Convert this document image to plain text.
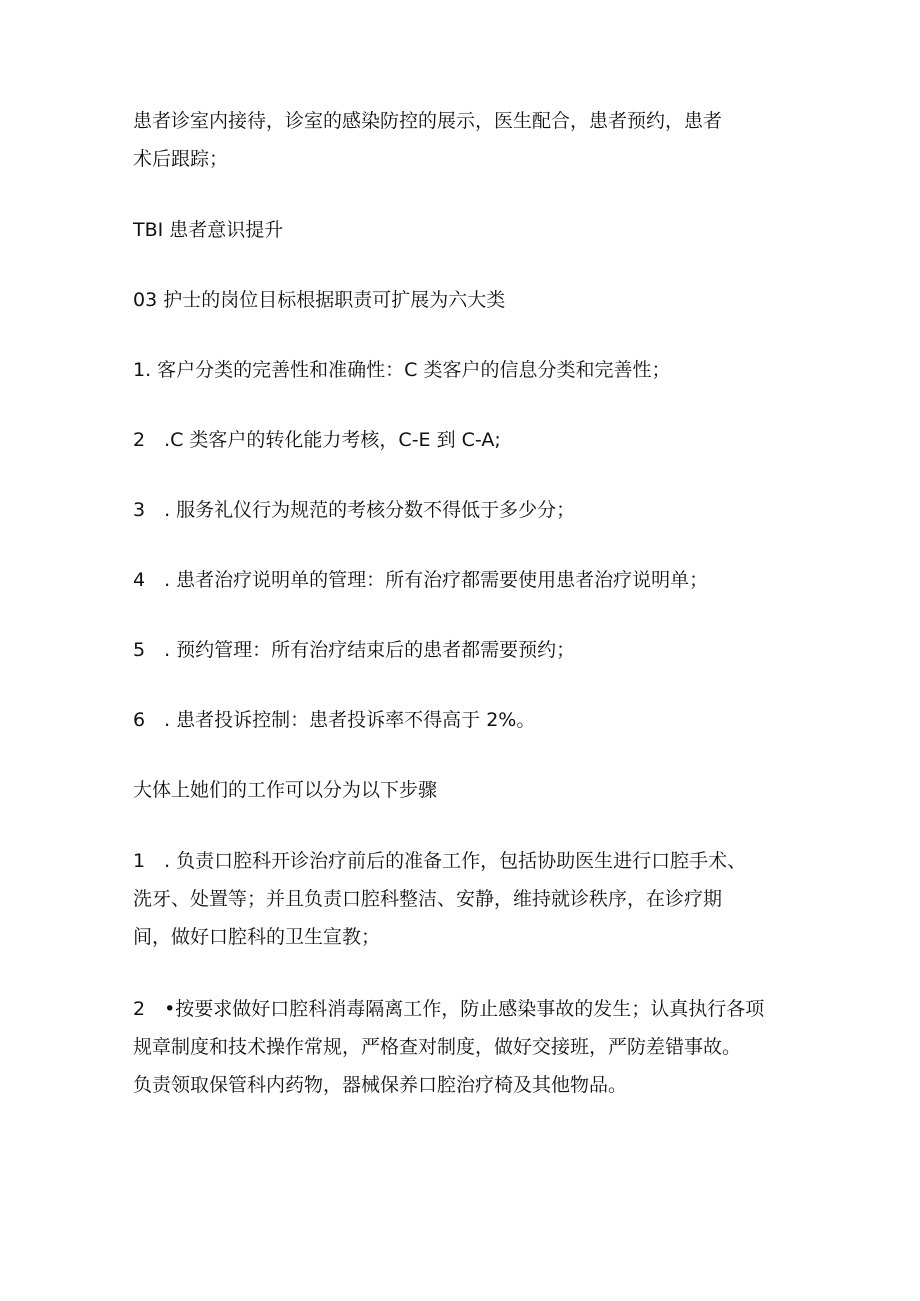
患者诊室内接待，诊室的感染防控的展示，医生配合，患者预约，患者
术后跟踪；

TBI 患者意识提升

03 护士的岗位目标根据职责可扩展为六大类

1. 客户分类的完善性和准确性：C 类客户的信息分类和完善性；

2　.C 类客户的转化能力考核，C-E 到 C-A;

3　. 服务礼仪行为规范的考核分数不得低于多少分；

4　. 患者治疗说明单的管理：所有治疗都需要使用患者治疗说明单；

5　. 预约管理：所有治疗结束后的患者都需要预约；

6　. 患者投诉控制：患者投诉率不得高于 2%。

大体上她们的工作可以分为以下步骤

1　. 负责口腔科开诊治疗前后的准备工作，包括协助医生进行口腔手术、
洗牙、处置等；并且负责口腔科整洁、安静，维持就诊秩序，在诊疗期
间，做好口腔科的卫生宣教；

2　•按要求做好口腔科消毒隔离工作，防止感染事故的发生；认真执行各项
规章制度和技术操作常规，严格查对制度，做好交接班，严防差错事故。
负责领取保管科内药物，器械保养口腔治疗椅及其他物品。
